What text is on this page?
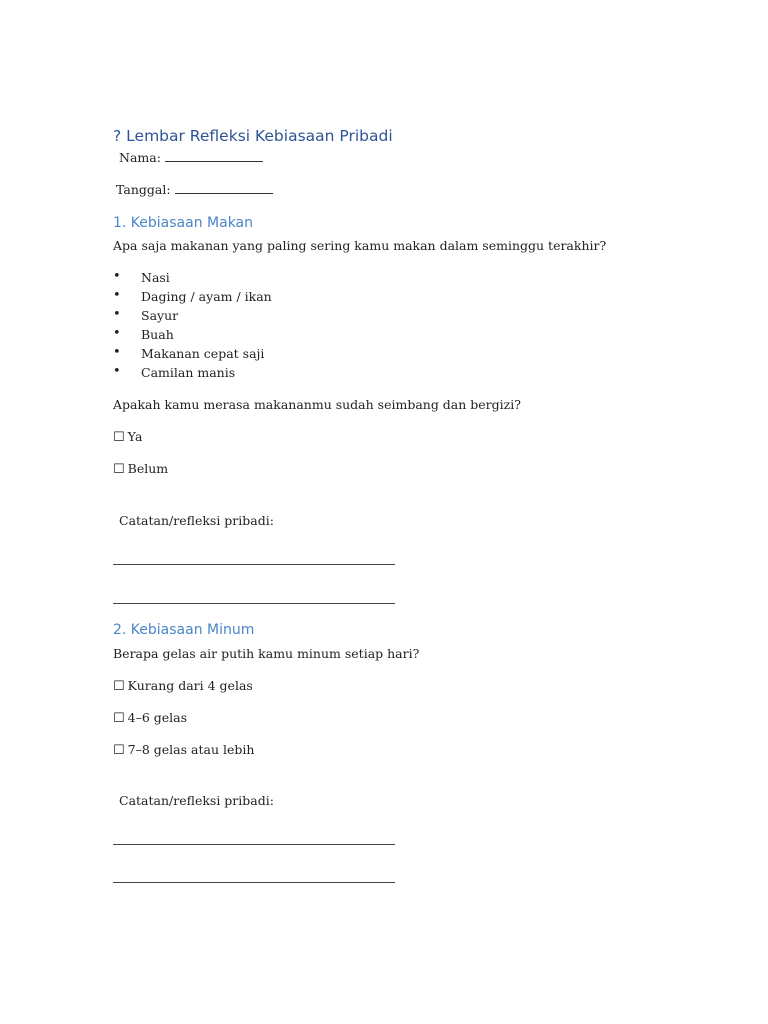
? Lembar Refleksi Kebiasaan Pribadi
Nama:
Tanggal:
1. Kebiasaan Makan
Apa saja makanan yang paling sering kamu makan dalam seminggu terakhir?
• Nasi
• Daging / ayam / ikan
• Sayur
• Buah
• Makanan cepat saji
• Camilan manis
Apakah kamu merasa makananmu sudah seimbang dan bergizi?
☐ Ya
☐ Belum
Catatan/refleksi pribadi:
2. Kebiasaan Minum
Berapa gelas air putih kamu minum setiap hari?
☐ Kurang dari 4 gelas
☐ 4–6 gelas
☐ 7–8 gelas atau lebih
Catatan/refleksi pribadi:
